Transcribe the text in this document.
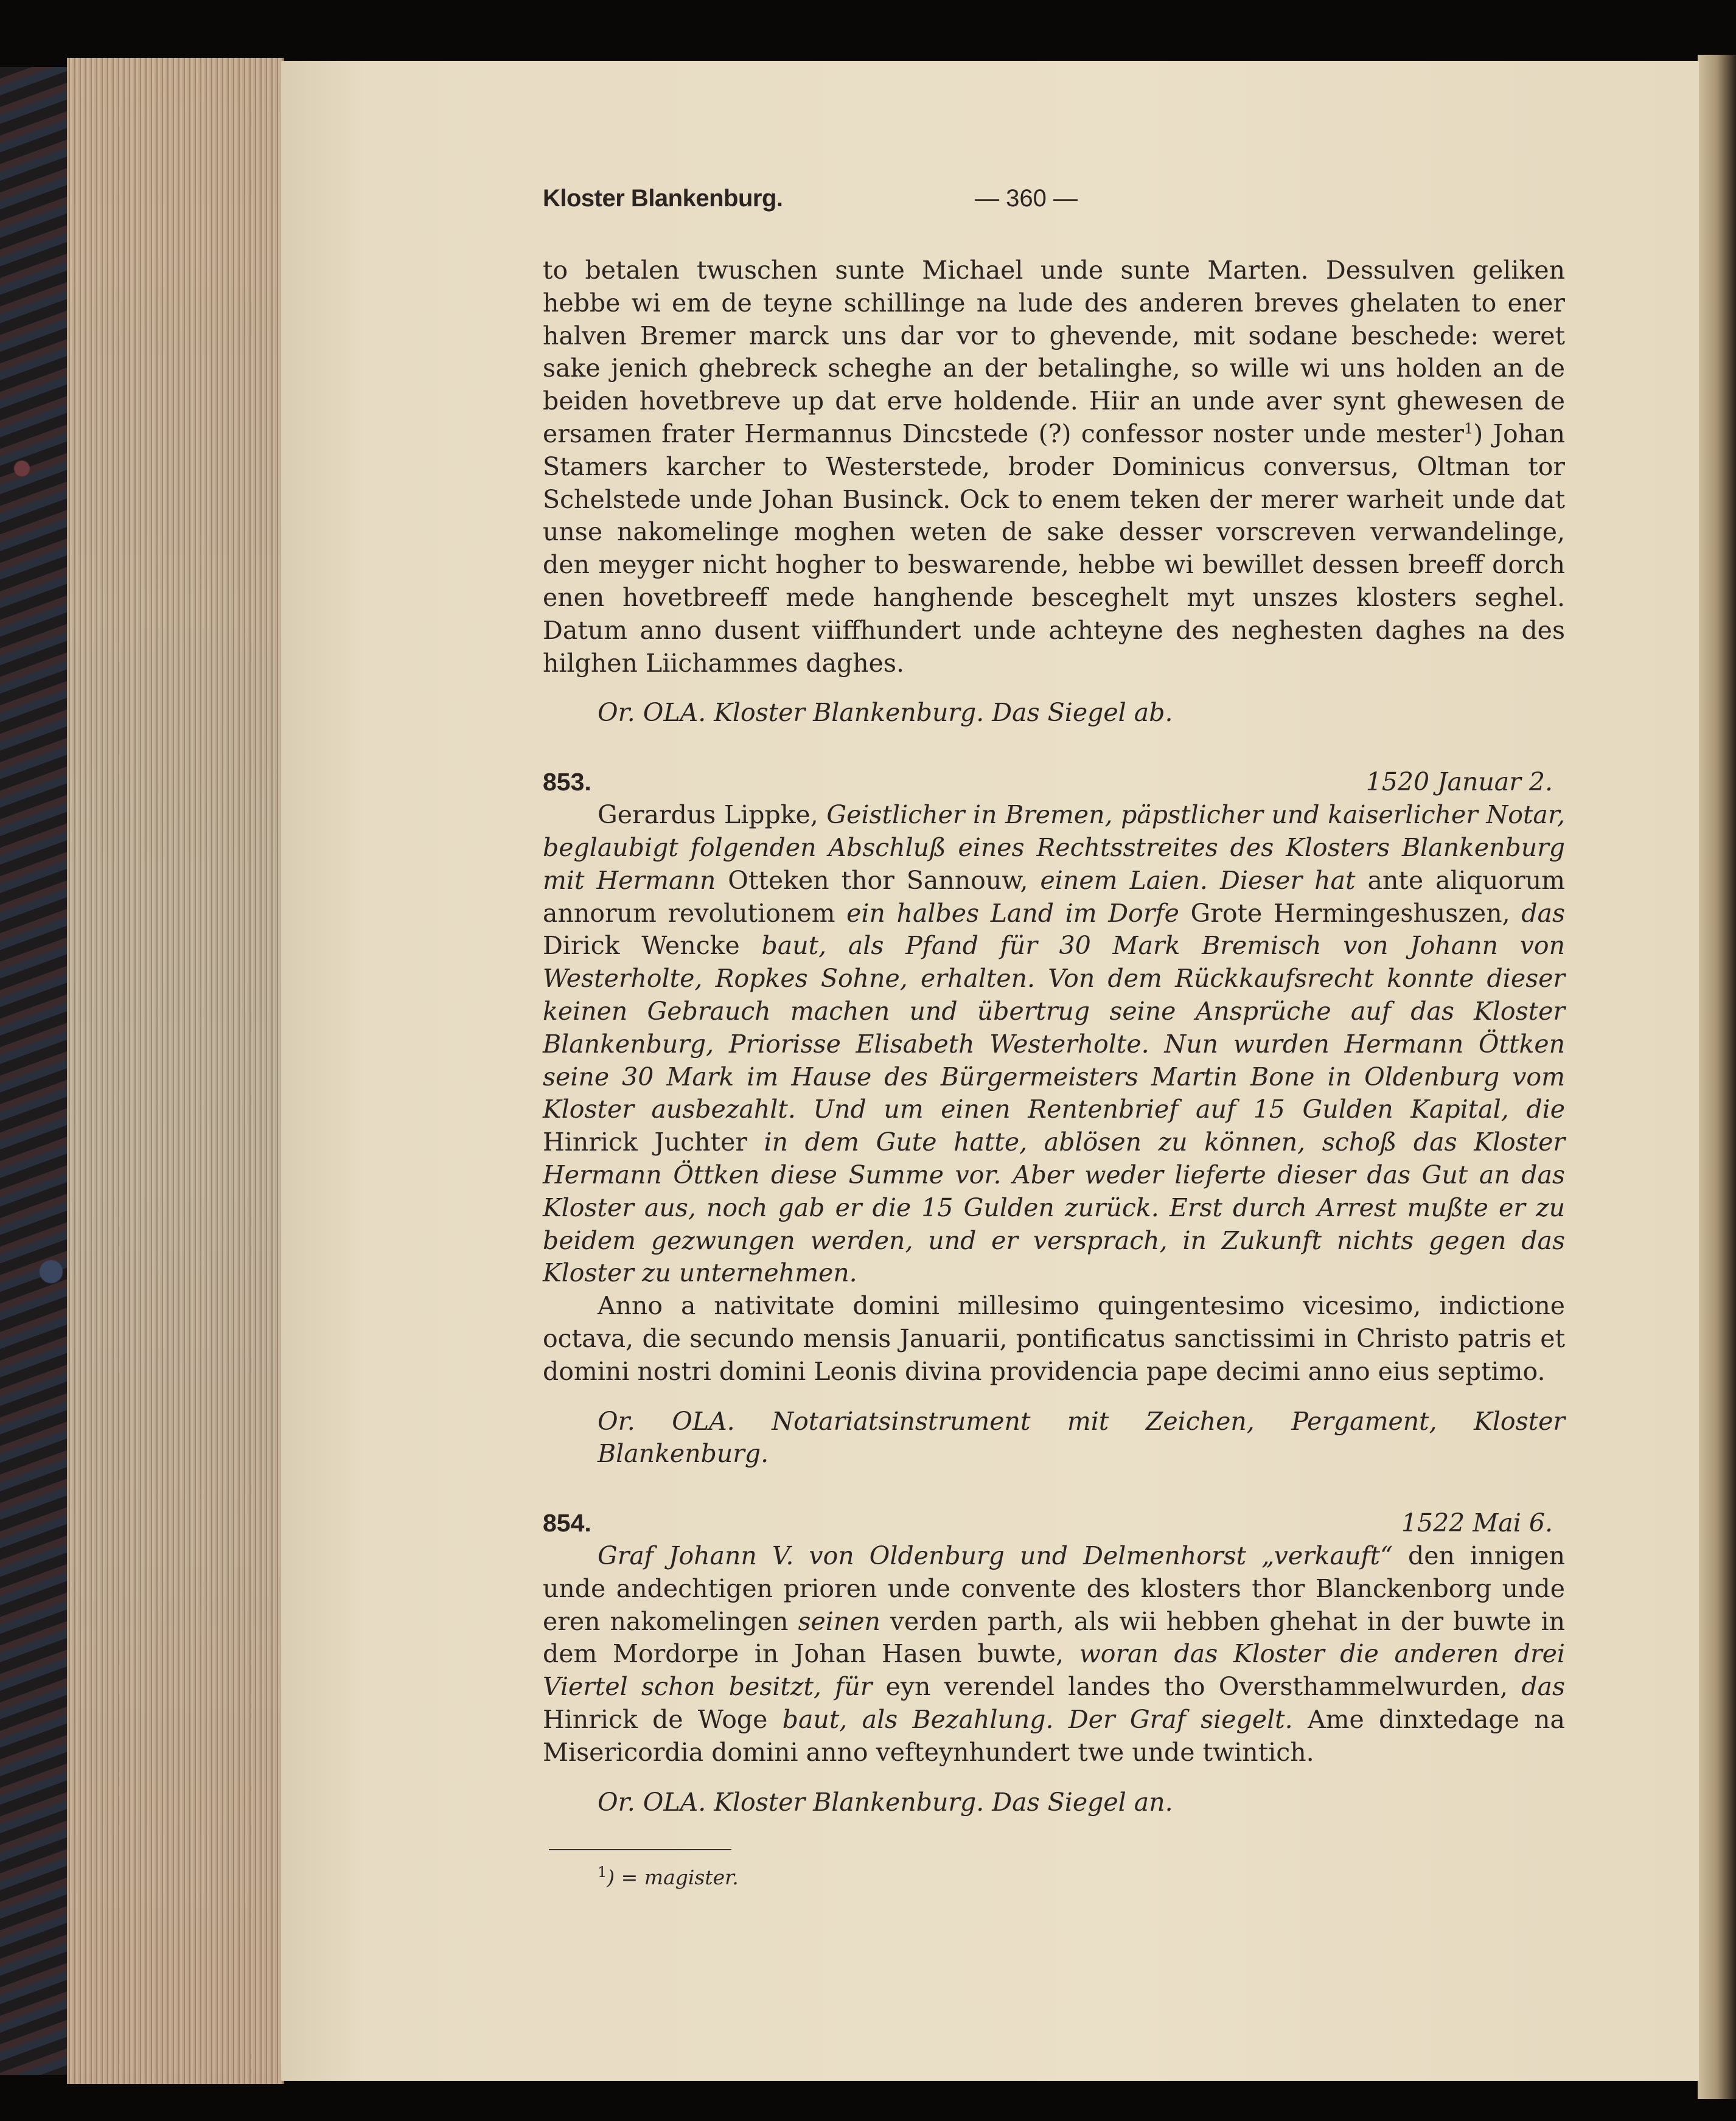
Kloster Blankenburg.	— 360 —

to betalen twuschen sunte Michael unde sunte Marten. Dessulven geliken hebbe wi em de teyne schillinge na lude des anderen breves ghelaten to ener halven Bremer marck uns dar vor to ghevende, mit sodane beschede: weret sake jenich ghebreck scheghe an der betalinghe, so wille wi uns holden an de beiden hovetbreve up dat erve holdende. Hiir an unde aver synt ghewesen de ersamen frater Hermannus Dincstede (?) confessor noster unde mester$^1$) Johan Stamers karcher to Westerstede, broder Dominicus conversus, Oltman tor Schelstede unde Johan Businck. Ock to enem teken der merer warheit unde dat unse nakomelinge moghen weten de sake desser vorscreven verwandelinge, den meyger nicht hogher to beswarende, hebbe wi bewillet dessen breeff dorch enen hovetbreeff mede hanghende besceghelt myt unszes klosters seghel. Datum anno dusent viiffhundert unde achteyne des neghesten daghes na des hilghen Liichammes daghes.

Or. OLA. Kloster Blankenburg. Das Siegel ab.

853.	1520 Januar 2.

Gerardus Lippke, Geistlicher in Bremen, päpstlicher und kaiserlicher Notar, beglaubigt folgenden Abschluß eines Rechtsstreites des Klosters Blankenburg mit Hermann Otteken thor Sannouw, einem Laien. Dieser hat ante aliquorum annorum revolutionem ein halbes Land im Dorfe Grote Hermingeshuszen, das Dirick Wencke baut, als Pfand für 30 Mark Bremisch von Johann von Westerholte, Ropkes Sohne, erhalten. Von dem Rückkaufsrecht konnte dieser keinen Gebrauch machen und übertrug seine Ansprüche auf das Kloster Blankenburg, Priorisse Elisabeth Westerholte. Nun wurden Hermann Öttken seine 30 Mark im Hause des Bürgermeisters Martin Bone in Oldenburg vom Kloster ausbezahlt. Und um einen Rentenbrief auf 15 Gulden Kapital, die Hinrick Juchter in dem Gute hatte, ablösen zu können, schoß das Kloster Hermann Öttken diese Summe vor. Aber weder lieferte dieser das Gut an das Kloster aus, noch gab er die 15 Gulden zurück. Erst durch Arrest mußte er zu beidem gezwungen werden, und er versprach, in Zukunft nichts gegen das Kloster zu unternehmen.

Anno a nativitate domini millesimo quingentesimo vicesimo, indictione octava, die secundo mensis Januarii, pontificatus sanctissimi in Christo patris et domini nostri domini Leonis divina providencia pape decimi anno eius septimo.

Or. OLA. Notariatsinstrument mit Zeichen, Pergament, Kloster Blankenburg.

854.	1522 Mai 6.

Graf Johann V. von Oldenburg und Delmenhorst „verkauft“ den innigen unde andechtigen prioren unde convente des klosters thor Blanckenborg unde eren nakomelingen seinen verden parth, als wii hebben ghehat in der buwte in dem Mordorpe in Johan Hasen buwte, woran das Kloster die anderen drei Viertel schon besitzt, für eyn verendel landes tho Oversthammelwurden, das Hinrick de Woge baut, als Bezahlung. Der Graf siegelt. Ame dinxtedage na Misericordia domini anno vefteynhundert twe unde twintich.

Or. OLA. Kloster Blankenburg. Das Siegel an.

$^1$) = magister.
